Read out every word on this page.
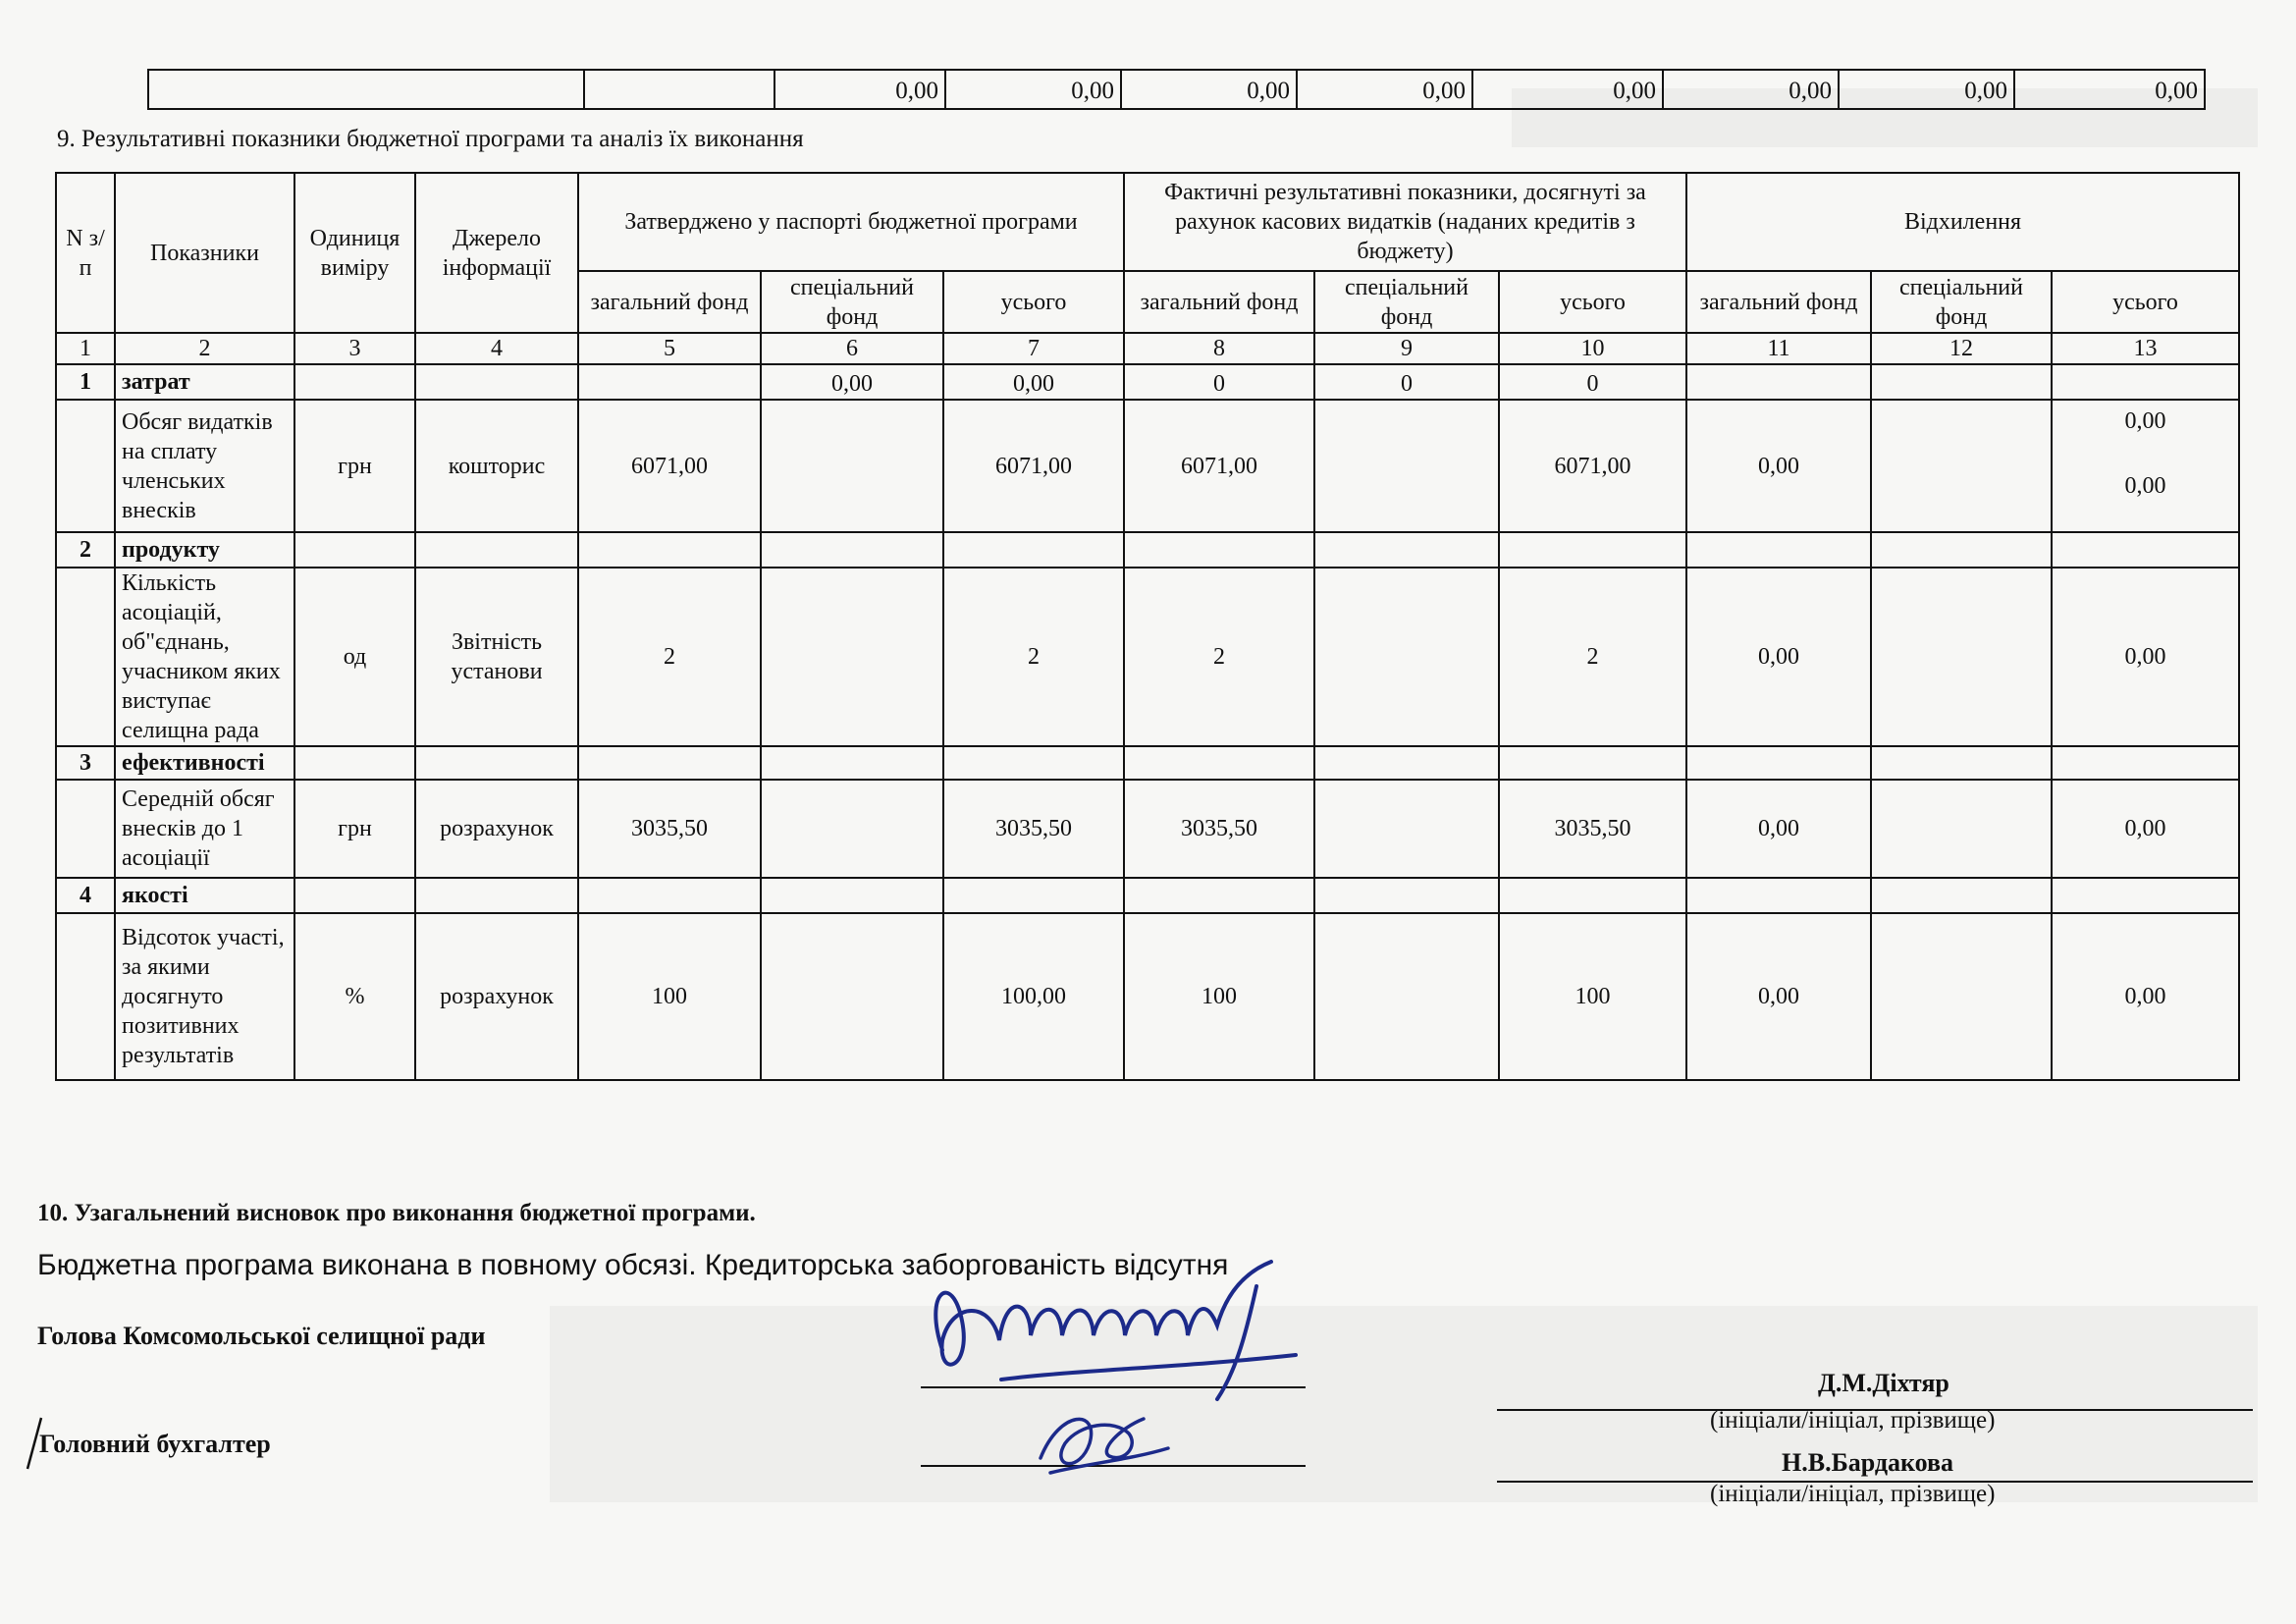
		0,00	0,00	0,00	0,00	0,00	0,00	0,00	0,00
9. Результативні показники бюджетної програми та аналіз їх виконання
N з/п	Показники	Одиниця виміру	Джерело інформації	Затверджено у паспорті бюджетної програми			Фактичні результативні показники, досягнуті за рахунок касових видатків (наданих кредитів з бюджету)			Відхилення		
				загальний фонд	спеціальний фонд	усього	загальний фонд	спеціальний фонд	усього	загальний фонд	спеціальний фонд	усього
1	2	3	4	5	6	7	8	9	10	11	12	13
1	затрат				0,00	0,00	0	0	0			
	Обсяг видатків на сплату членських внесків	грн	кошторис	6071,00		6071,00	6071,00		6071,00	0,00		0,00
0,00

2	продукту											
	Кількість асоціацій, об"єднань, учасником яких виступає селищна рада	од	Звітність установи	2		2	2		2	0,00		0,00
3	ефективності											
	Середній обсяг внесків до 1 асоціації	грн	розрахунок	3035,50		3035,50	3035,50		3035,50	0,00		0,00
4	якості											
	Відсоток участі, за якими досягнуто позитивних результатів	%	розрахунок	100		100,00	100		100	0,00		0,00
10. Узагальнений висновок про виконання бюджетної програми.
Бюджетна програма виконана в повному обсязі. Кредиторська заборгованість відсутня
Голова Комсомольської селищної ради
Головний бухгалтер
Д.М.Діхтяр
(ініціали/ініціал, прізвище)
Н.В.Бардакова
(ініціали/ініціал, прізвище)
